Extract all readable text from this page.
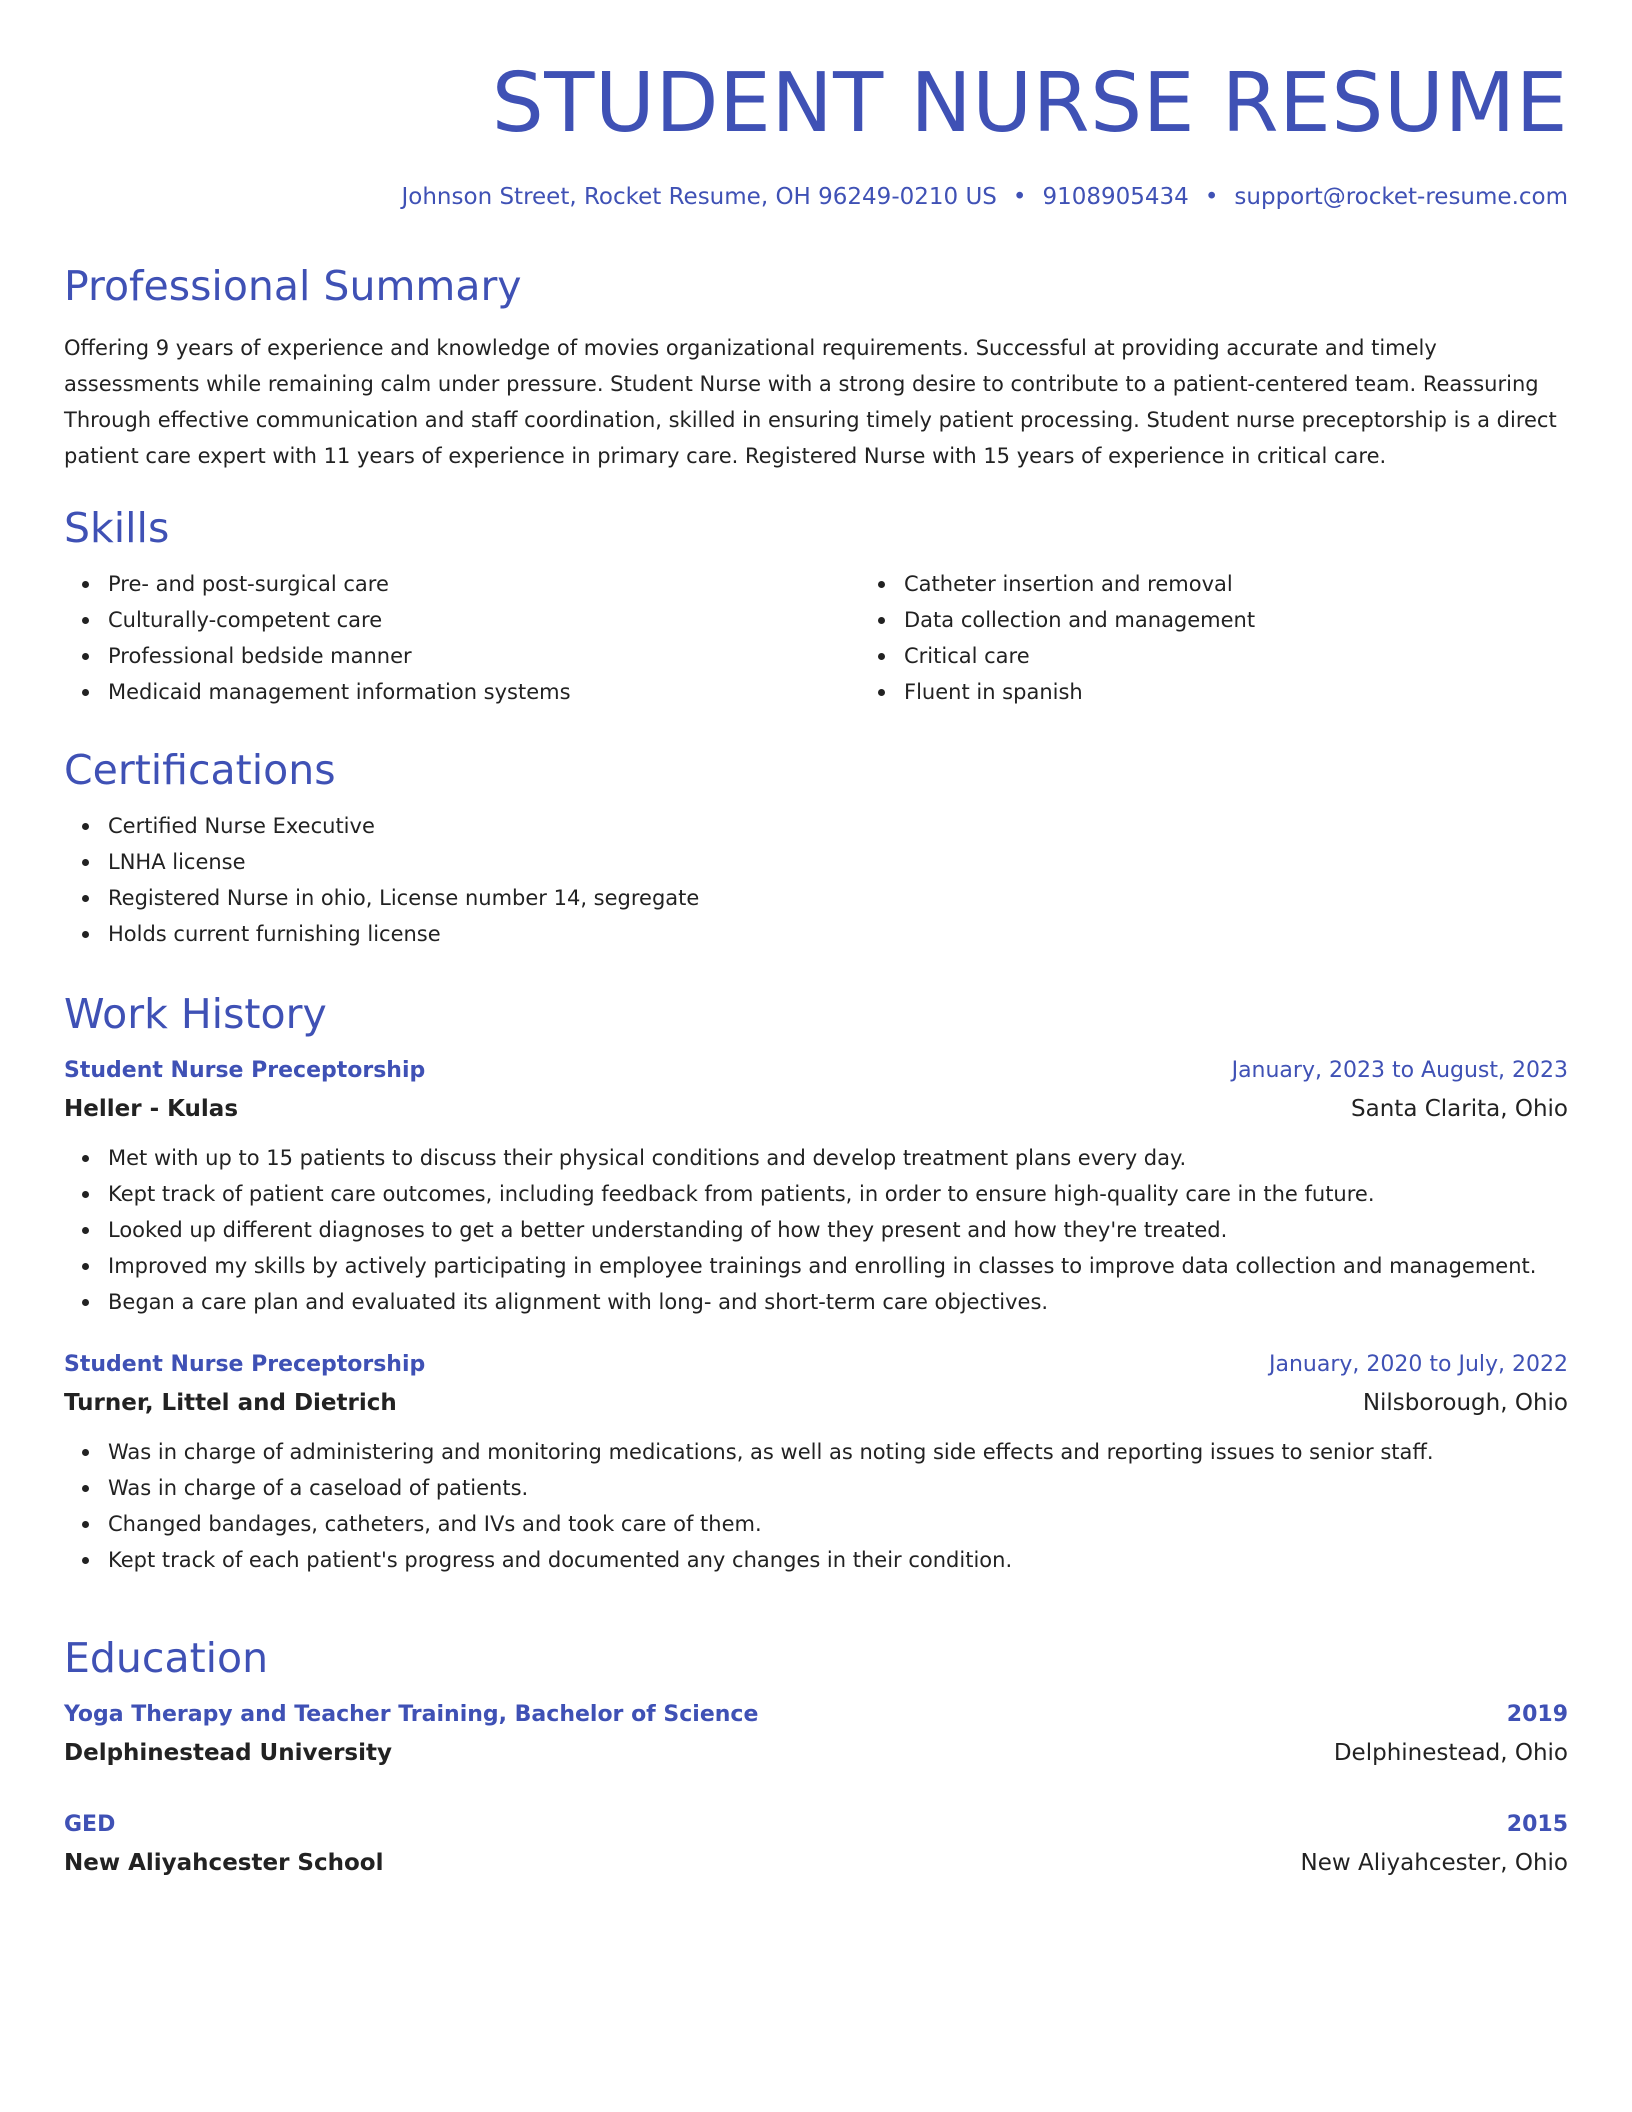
STUDENT NURSE RESUME
Johnson Street, Rocket Resume, OH 96249-0210 US • 9108905434 • support@rocket-resume.com
Professional Summary

Offering 9 years of experience and knowledge of movies organizational requirements. Successful at providing accurate and timely assessments while remaining calm under pressure. Student Nurse with a strong desire to contribute to a patient-centered team. Reassuring Through effective communication and staff coordination, skilled in ensuring timely patient processing. Student nurse preceptorship is a direct patient care expert with 11 years of experience in primary care. Registered Nurse with 15 years of experience in critical care.

Skills
Pre- and post-surgical care
Culturally-competent care
Professional bedside manner
Medicaid management information systems
Catheter insertion and removal
Data collection and management
Critical care
Fluent in spanish
Certifications
Certified Nurse Executive
LNHA license
Registered Nurse in ohio, License number 14, segregate
Holds current furnishing license
Work History
Student Nurse Preceptorship	January, 2023 to August, 2023
Heller - Kulas	Santa Clarita, Ohio
Met with up to 15 patients to discuss their physical conditions and develop treatment plans every day.
Kept track of patient care outcomes, including feedback from patients, in order to ensure high-quality care in the future.
Looked up different diagnoses to get a better understanding of how they present and how they're treated.
Improved my skills by actively participating in employee trainings and enrolling in classes to improve data collection and management.
Began a care plan and evaluated its alignment with long- and short-term care objectives.
Student Nurse Preceptorship	January, 2020 to July, 2022
Turner, Littel and Dietrich	Nilsborough, Ohio
Was in charge of administering and monitoring medications, as well as noting side effects and reporting issues to senior staff.
Was in charge of a caseload of patients.
Changed bandages, catheters, and IVs and took care of them.
Kept track of each patient's progress and documented any changes in their condition.
Education
Yoga Therapy and Teacher Training, Bachelor of Science	2019
Delphinestead University	Delphinestead, Ohio
GED	2015
New Aliyahcester School	New Aliyahcester, Ohio
